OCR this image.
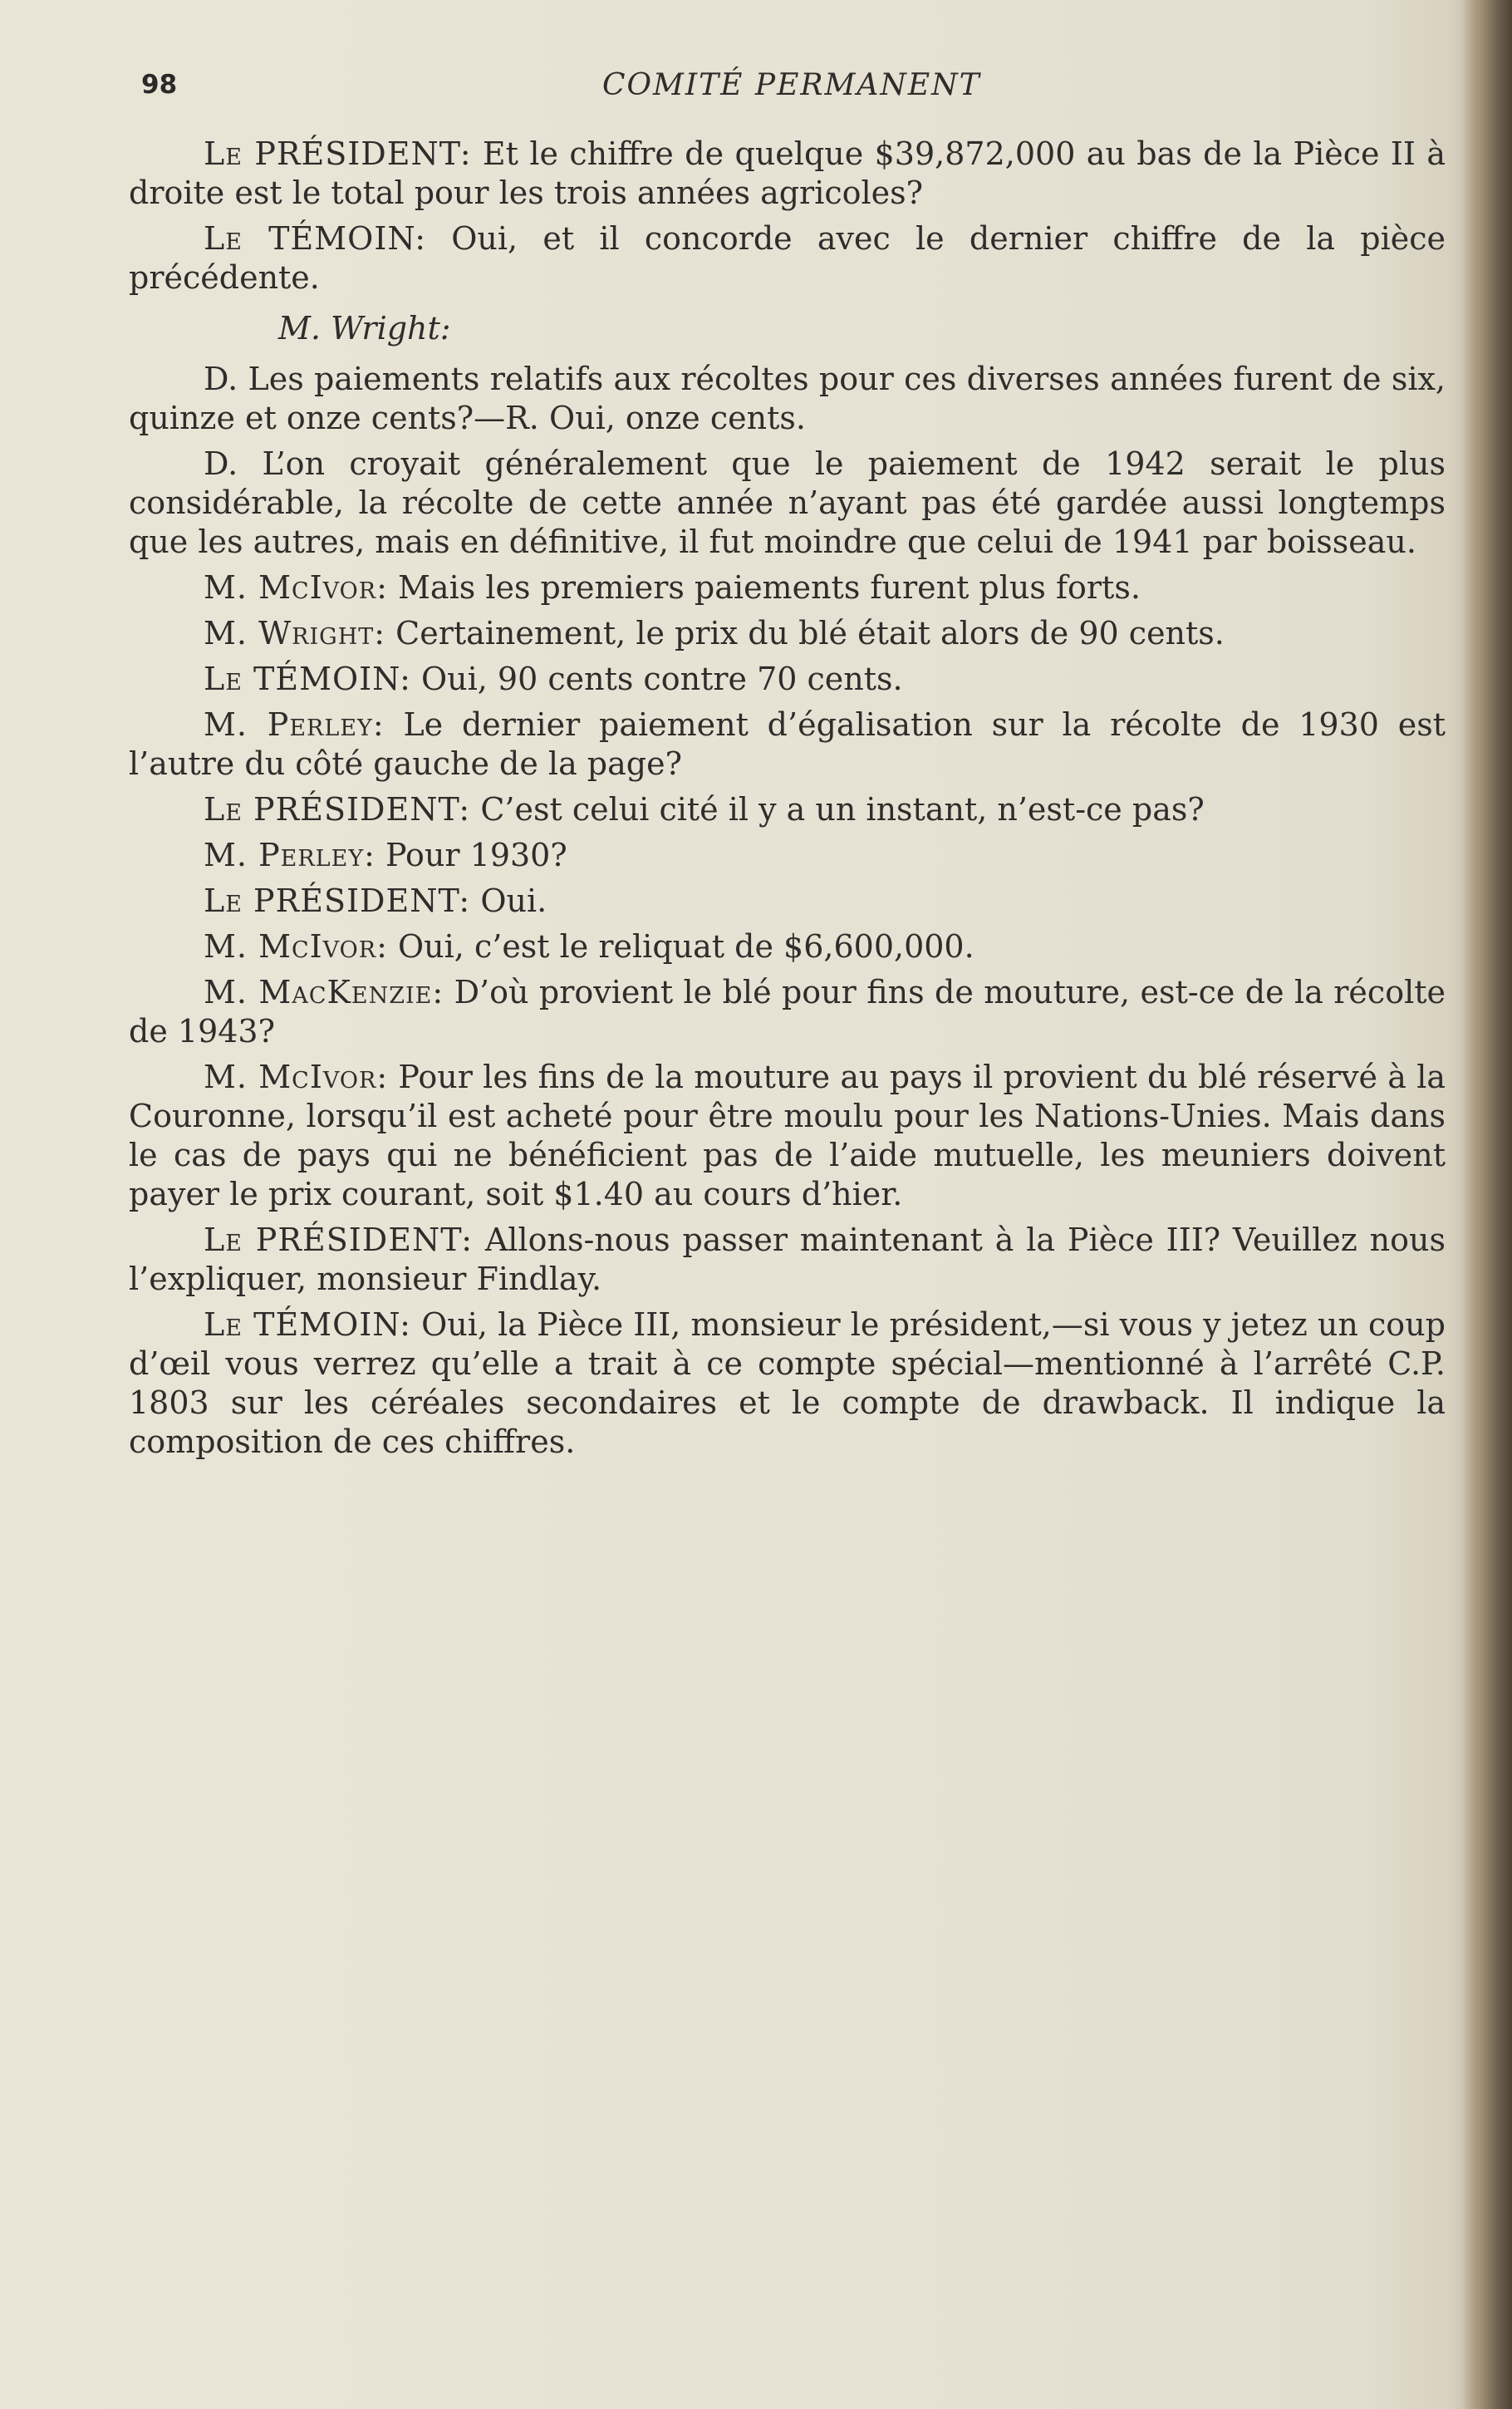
98	COMITÉ PERMANENT

Le PRÉSIDENT: Et le chiffre de quelque $39,872,000 au bas de la Pièce II à droite est le total pour les trois années agricoles?

Le TÉMOIN: Oui, et il concorde avec le dernier chiffre de la pièce précédente.

M. Wright:

D. Les paiements relatifs aux récoltes pour ces diverses années furent de six, quinze et onze cents?—R. Oui, onze cents.

D. L’on croyait généralement que le paiement de 1942 serait le plus considérable, la récolte de cette année n’ayant pas été gardée aussi longtemps que les autres, mais en définitive, il fut moindre que celui de 1941 par boisseau.

M. McIvor: Mais les premiers paiements furent plus forts.

M. Wright: Certainement, le prix du blé était alors de 90 cents.

Le TÉMOIN: Oui, 90 cents contre 70 cents.

M. Perley: Le dernier paiement d’égalisation sur la récolte de 1930 est l’autre du côté gauche de la page?

Le PRÉSIDENT: C’est celui cité il y a un instant, n’est-ce pas?

M. Perley: Pour 1930?

Le PRÉSIDENT: Oui.

M. McIvor: Oui, c’est le reliquat de $6,600,000.

M. MacKenzie: D’où provient le blé pour fins de mouture, est-ce de la récolte de 1943?

M. McIvor: Pour les fins de la mouture au pays il provient du blé réservé à la Couronne, lorsqu’il est acheté pour être moulu pour les Nations-Unies. Mais dans le cas de pays qui ne bénéficient pas de l’aide mutuelle, les meuniers doivent payer le prix courant, soit $1.40 au cours d’hier.

Le PRÉSIDENT: Allons-nous passer maintenant à la Pièce III? Veuillez nous l’expliquer, monsieur Findlay.

Le TÉMOIN: Oui, la Pièce III, monsieur le président,—si vous y jetez un coup d’œil vous verrez qu’elle a trait à ce compte spécial—mentionné à l’arrêté C.P. 1803 sur les céréales secondaires et le compte de drawback. Il indique la composition de ces chiffres.
